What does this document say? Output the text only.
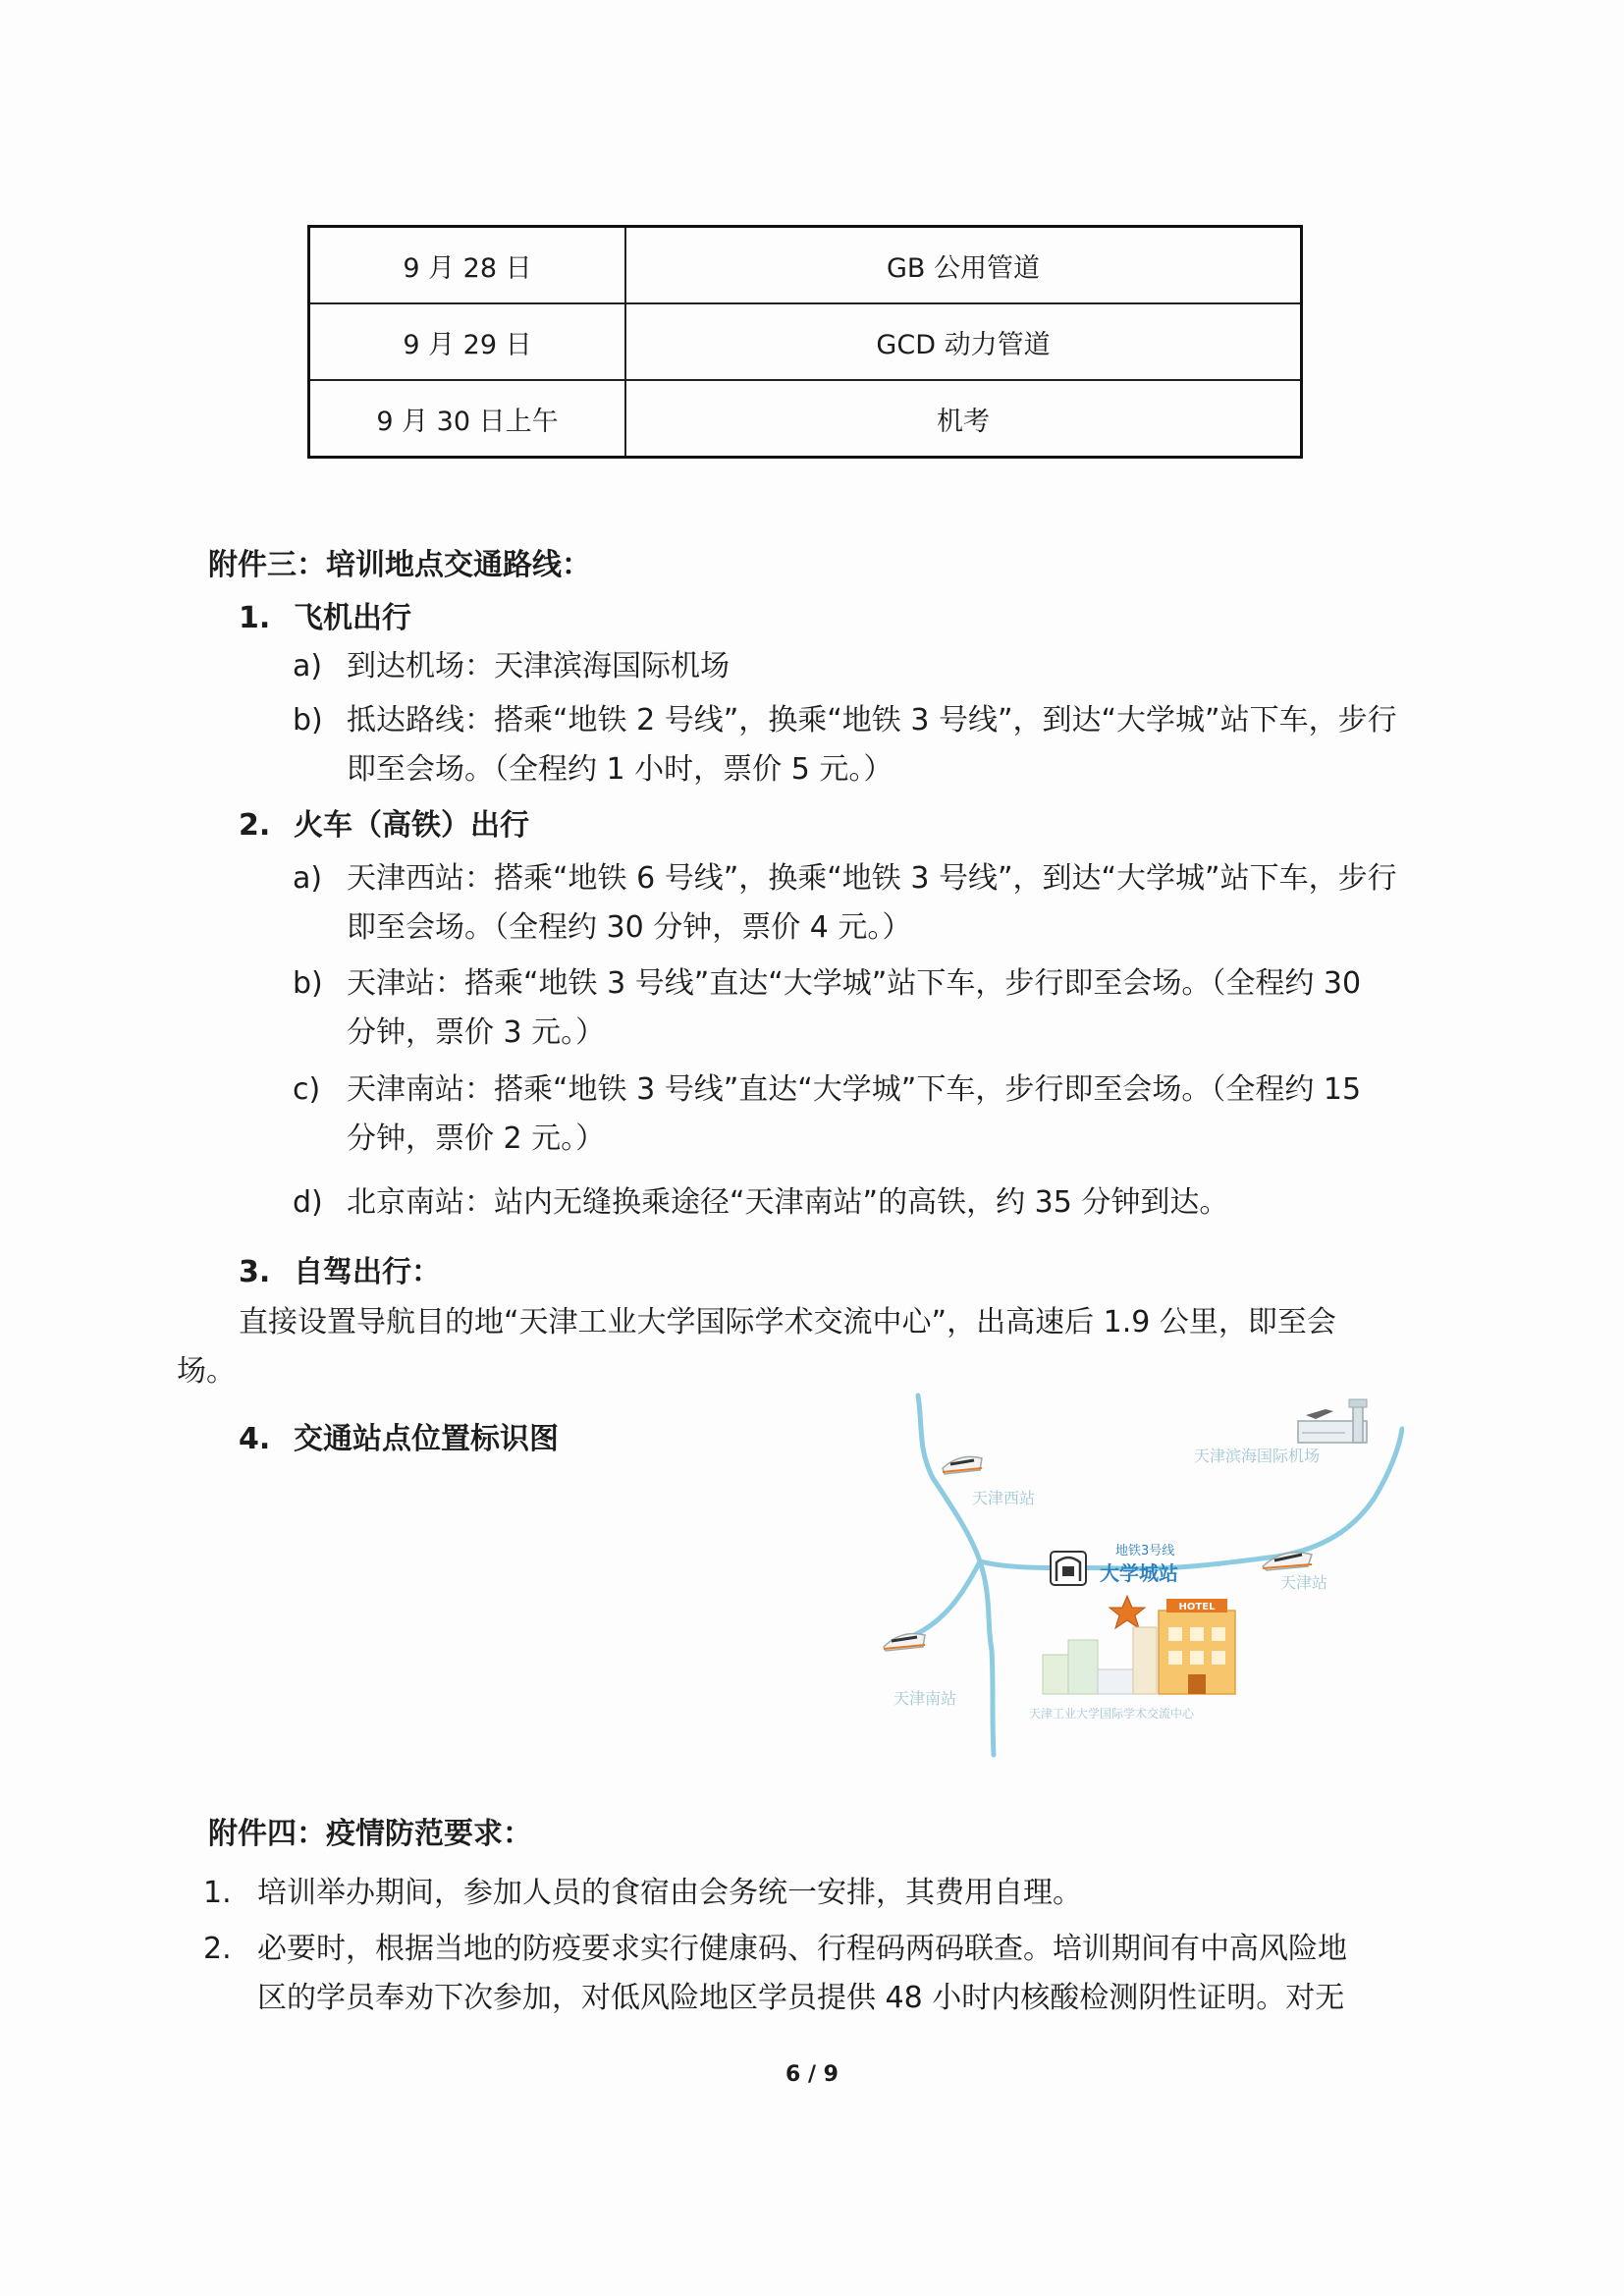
9 月 28 日	GB 公用管道
9 月 29 日	GCD 动力管道
9 月 30 日上午	机考
附件三：培训地点交通路线：
1. 飞机出行
a) 到达机场：天津滨海国际机场
b) 抵达路线：搭乘“地铁 2 号线”，换乘“地铁 3 号线”，到达“大学城”站下车，步行
即至会场。（全程约 1 小时，票价 5 元。）
2. 火车（高铁）出行
a) 天津西站：搭乘“地铁 6 号线”，换乘“地铁 3 号线”，到达“大学城”站下车，步行
即至会场。（全程约 30 分钟，票价 4 元。）
b) 天津站：搭乘“地铁 3 号线”直达“大学城”站下车，步行即至会场。（全程约 30
分钟，票价 3 元。）
c) 天津南站：搭乘“地铁 3 号线”直达“大学城”下车，步行即至会场。（全程约 15
分钟，票价 2 元。）
d) 北京南站：站内无缝换乘途径“天津南站”的高铁，约 35 分钟到达。
3. 自驾出行：
直接设置导航目的地“天津工业大学国际学术交流中心”，出高速后 1.9 公里，即至会
场。
4. 交通站点位置标识图
天津西站
天津滨海国际机场
天津站
地铁3号线
大学城站
HOTEL
天津工业大学国际学术交流中心
天津南站
附件四：疫情防范要求：
1. 培训举办期间，参加人员的食宿由会务统一安排，其费用自理。
2. 必要时，根据当地的防疫要求实行健康码、行程码两码联查。培训期间有中高风险地
区的学员奉劝下次参加，对低风险地区学员提供 48 小时内核酸检测阴性证明。对无
6 / 9
